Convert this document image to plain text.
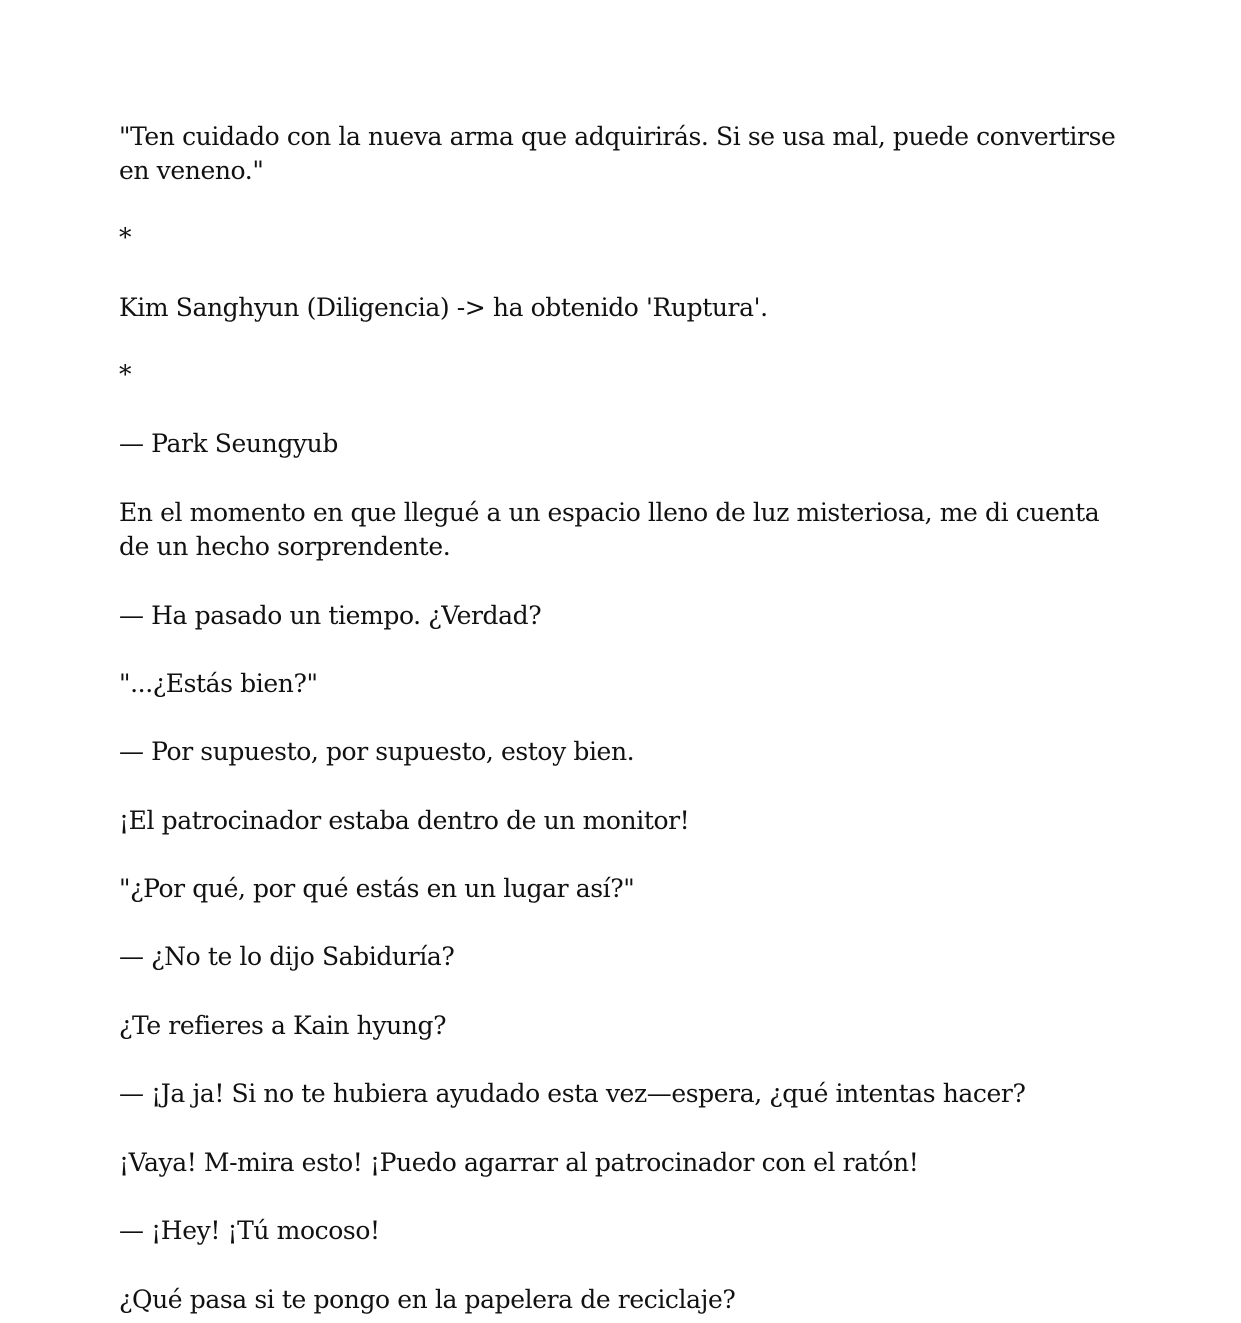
"Ten cuidado con la nueva arma que adquirirás. Si se usa mal, puede convertirse en veneno."

*

Kim Sanghyun (Diligencia) -> ha obtenido 'Ruptura'.

*

— Park Seungyub

En el momento en que llegué a un espacio lleno de luz misteriosa, me di cuenta de un hecho sorprendente.

— Ha pasado un tiempo. ¿Verdad?

"...¿Estás bien?"

— Por supuesto, por supuesto, estoy bien.

¡El patrocinador estaba dentro de un monitor!

"¿Por qué, por qué estás en un lugar así?"

— ¿No te lo dijo Sabiduría?

¿Te refieres a Kain hyung?

— ¡Ja ja! Si no te hubiera ayudado esta vez—espera, ¿qué intentas hacer?

¡Vaya! M-mira esto! ¡Puedo agarrar al patrocinador con el ratón!

— ¡Hey! ¡Tú mocoso!

¿Qué pasa si te pongo en la papelera de reciclaje?
